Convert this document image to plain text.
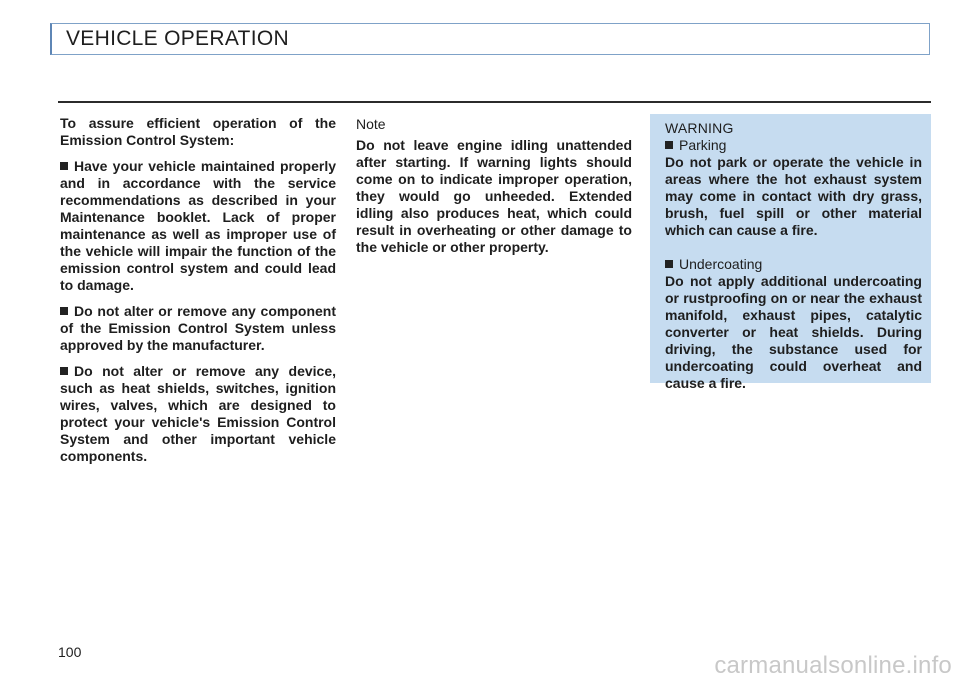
VEHICLE OPERATION

To assure efficient operation of the Emission Control System:

Have your vehicle maintained properly and in accordance with the service recommendations as described in your Maintenance booklet. Lack of proper maintenance as well as improper use of the vehicle will impair the function of the emission control system and could lead to damage.

Do not alter or remove any component of the Emission Control System unless approved by the manufacturer.

Do not alter or remove any device, such as heat shields, switches, ignition wires, valves, which are designed to protect your vehicle's Emission Control System and other important vehicle components.

Note

Do not leave engine idling unattended after starting. If warning lights should come on to indicate improper operation, they would go unheeded. Extended idling also produces heat, which could result in overheating or other damage to the vehicle or other property.

WARNING

Parking

Do not park or operate the vehicle in areas where the hot exhaust system may come in contact with dry grass, brush, fuel spill or other material which can cause a fire.

Undercoating

Do not apply additional undercoating or rustproofing on or near the exhaust manifold, exhaust pipes, catalytic converter or heat shields. During driving, the substance used for undercoating could overheat and cause a fire.

100	carmanualsonline.info
